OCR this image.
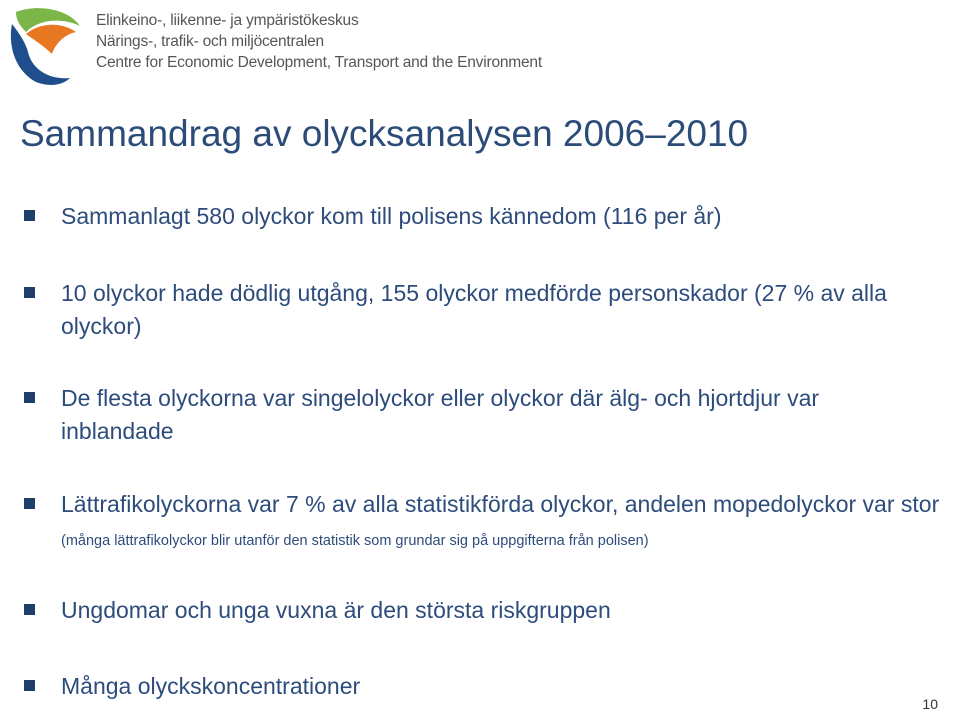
Elinkeino-, liikenne- ja ympäristökeskus
Närings-, trafik- och miljöcentralen
Centre for Economic Development, Transport and the Environment
Sammandrag av olycksanalysen 2006–2010
Sammanlagt 580 olyckor kom till polisens kännedom (116 per år)
10 olyckor hade dödlig utgång, 155 olyckor medförde personskador (27 % av alla olyckor)
De flesta olyckorna var singelolyckor eller olyckor där älg- och hjortdjur var inblandade
Lättrafikolyckorna var 7 % av alla statistikförda olyckor, andelen mopedolyckor var stor (många lättrafikolyckor blir utanför den statistik som grundar sig på uppgifterna från polisen)
Ungdomar och unga vuxna är den största riskgruppen
Många olyckskoncentrationer
10
